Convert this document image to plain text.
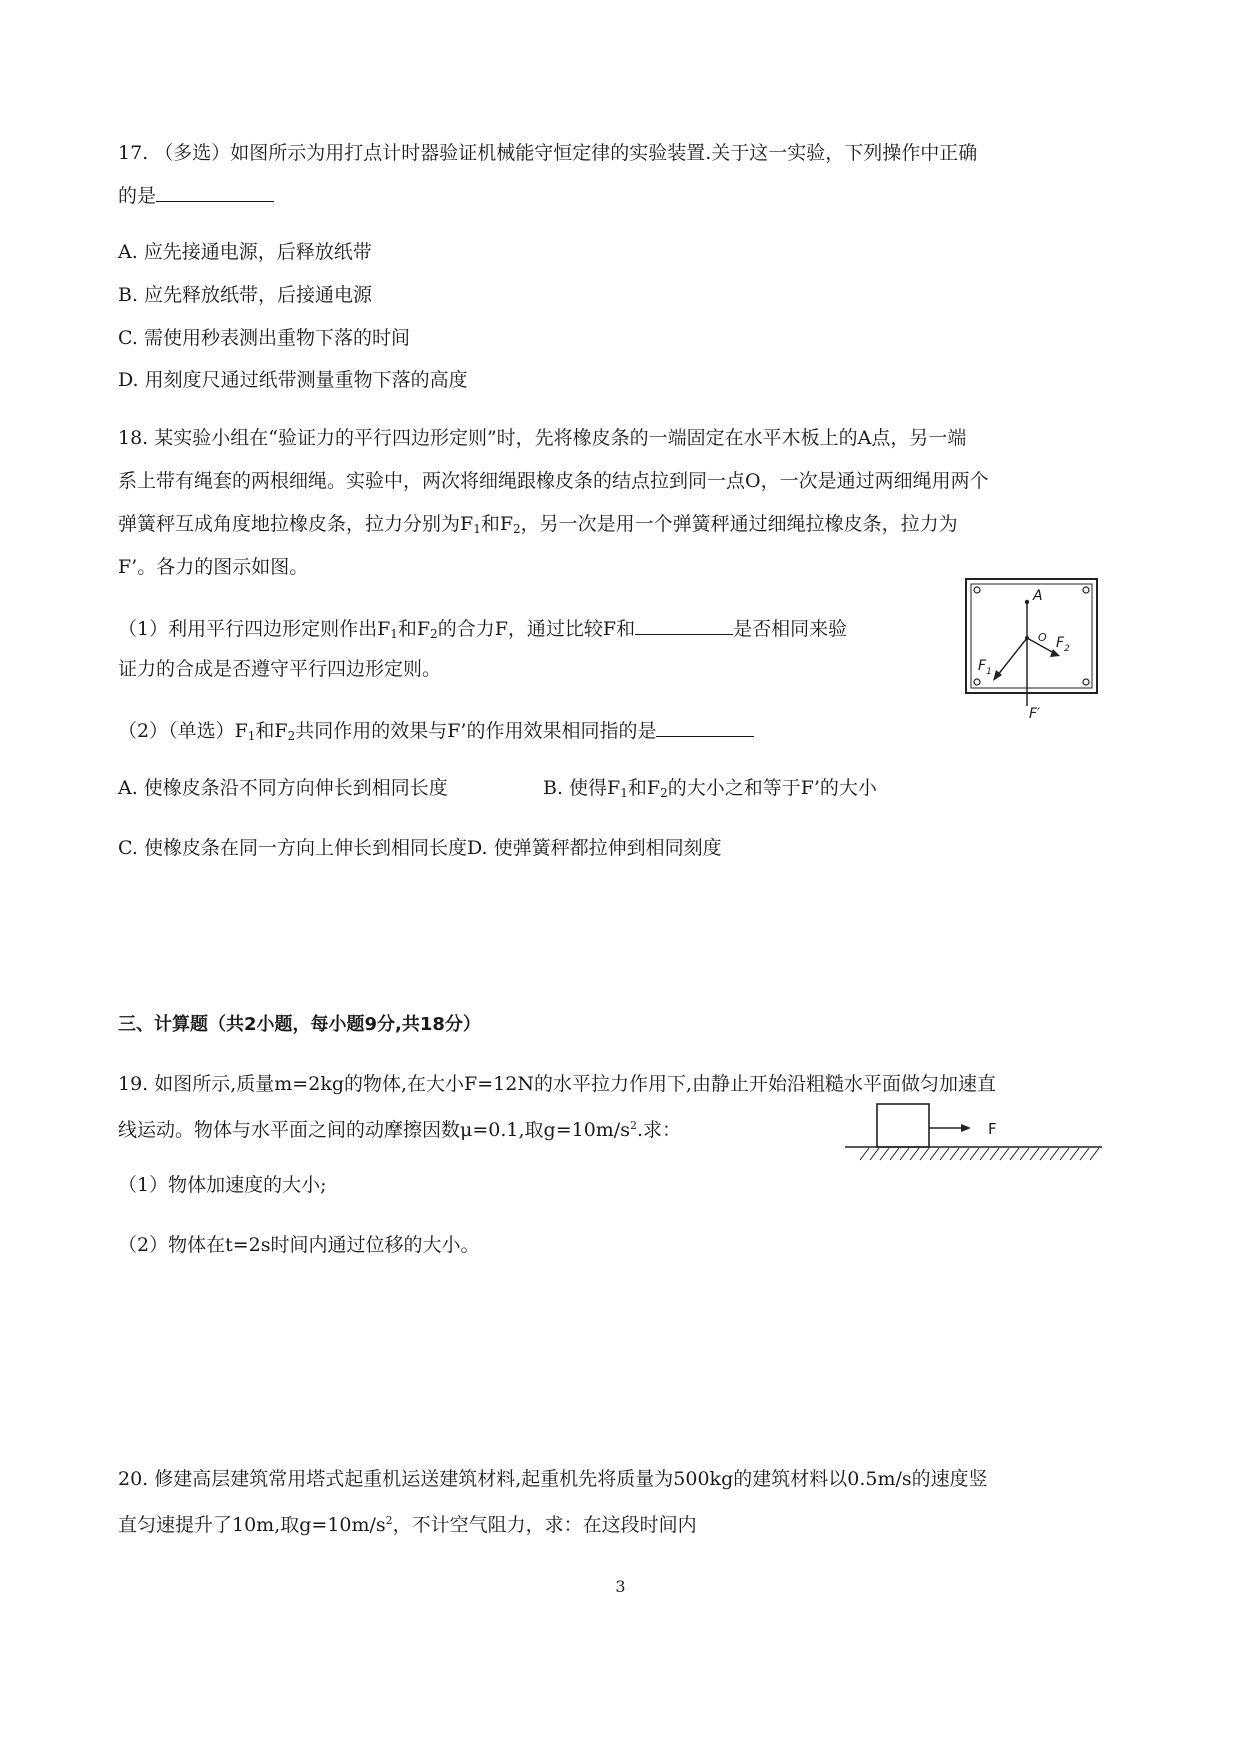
17. （多选）如图所示为用打点计时器验证机械能守恒定律的实验装置.关于这一实验，下列操作中正确
的是
A. 应先接通电源，后释放纸带
B. 应先释放纸带，后接通电源
C. 需使用秒表测出重物下落的时间
D. 用刻度尺通过纸带测量重物下落的高度
18. 某实验小组在“验证力的平行四边形定则”时，先将橡皮条的一端固定在水平木板上的A点，另一端
系上带有绳套的两根细绳。实验中，两次将细绳跟橡皮条的结点拉到同一点O，一次是通过两细绳用两个
弹簧秤互成角度地拉橡皮条，拉力分别为$F_1$和$F_2$，另一次是用一个弹簧秤通过细绳拉橡皮条，拉力为
F’。各力的图示如图。
（1）利用平行四边形定则作出$F_1$和$F_2$的合力F，通过比较F和	是否相同来验
证力的合成是否遵守平行四边形定则。
（2）（单选）$F_1$和$F_2$共同作用的效果与F’的作用效果相同指的是
A. 使橡皮条沿不同方向伸长到相同长度	B. 使得$F_1$和$F_2$的大小之和等于F’的大小
C. 使橡皮条在同一方向上伸长到相同长度D. 使弹簧秤都拉伸到相同刻度
A
O $F_2$
$F_1$
F′
三、计算题（共2小题，每小题9分,共18分）
19. 如图所示,质量m=2kg的物体,在大小F=12N的水平拉力作用下,由静止开始沿粗糙水平面做匀加速直
线运动。物体与水平面之间的动摩擦因数μ=0.1,取$g=10m/s^2$.求：
（1）物体加速度的大小;
（2）物体在t=2s时间内通过位移的大小。
F
20. 修建高层建筑常用塔式起重机运送建筑材料,起重机先将质量为500kg的建筑材料以0.5m/s的速度竖
直匀速提升了10m,取$g=10m/s^2$，不计空气阻力，求：在这段时间内
3
